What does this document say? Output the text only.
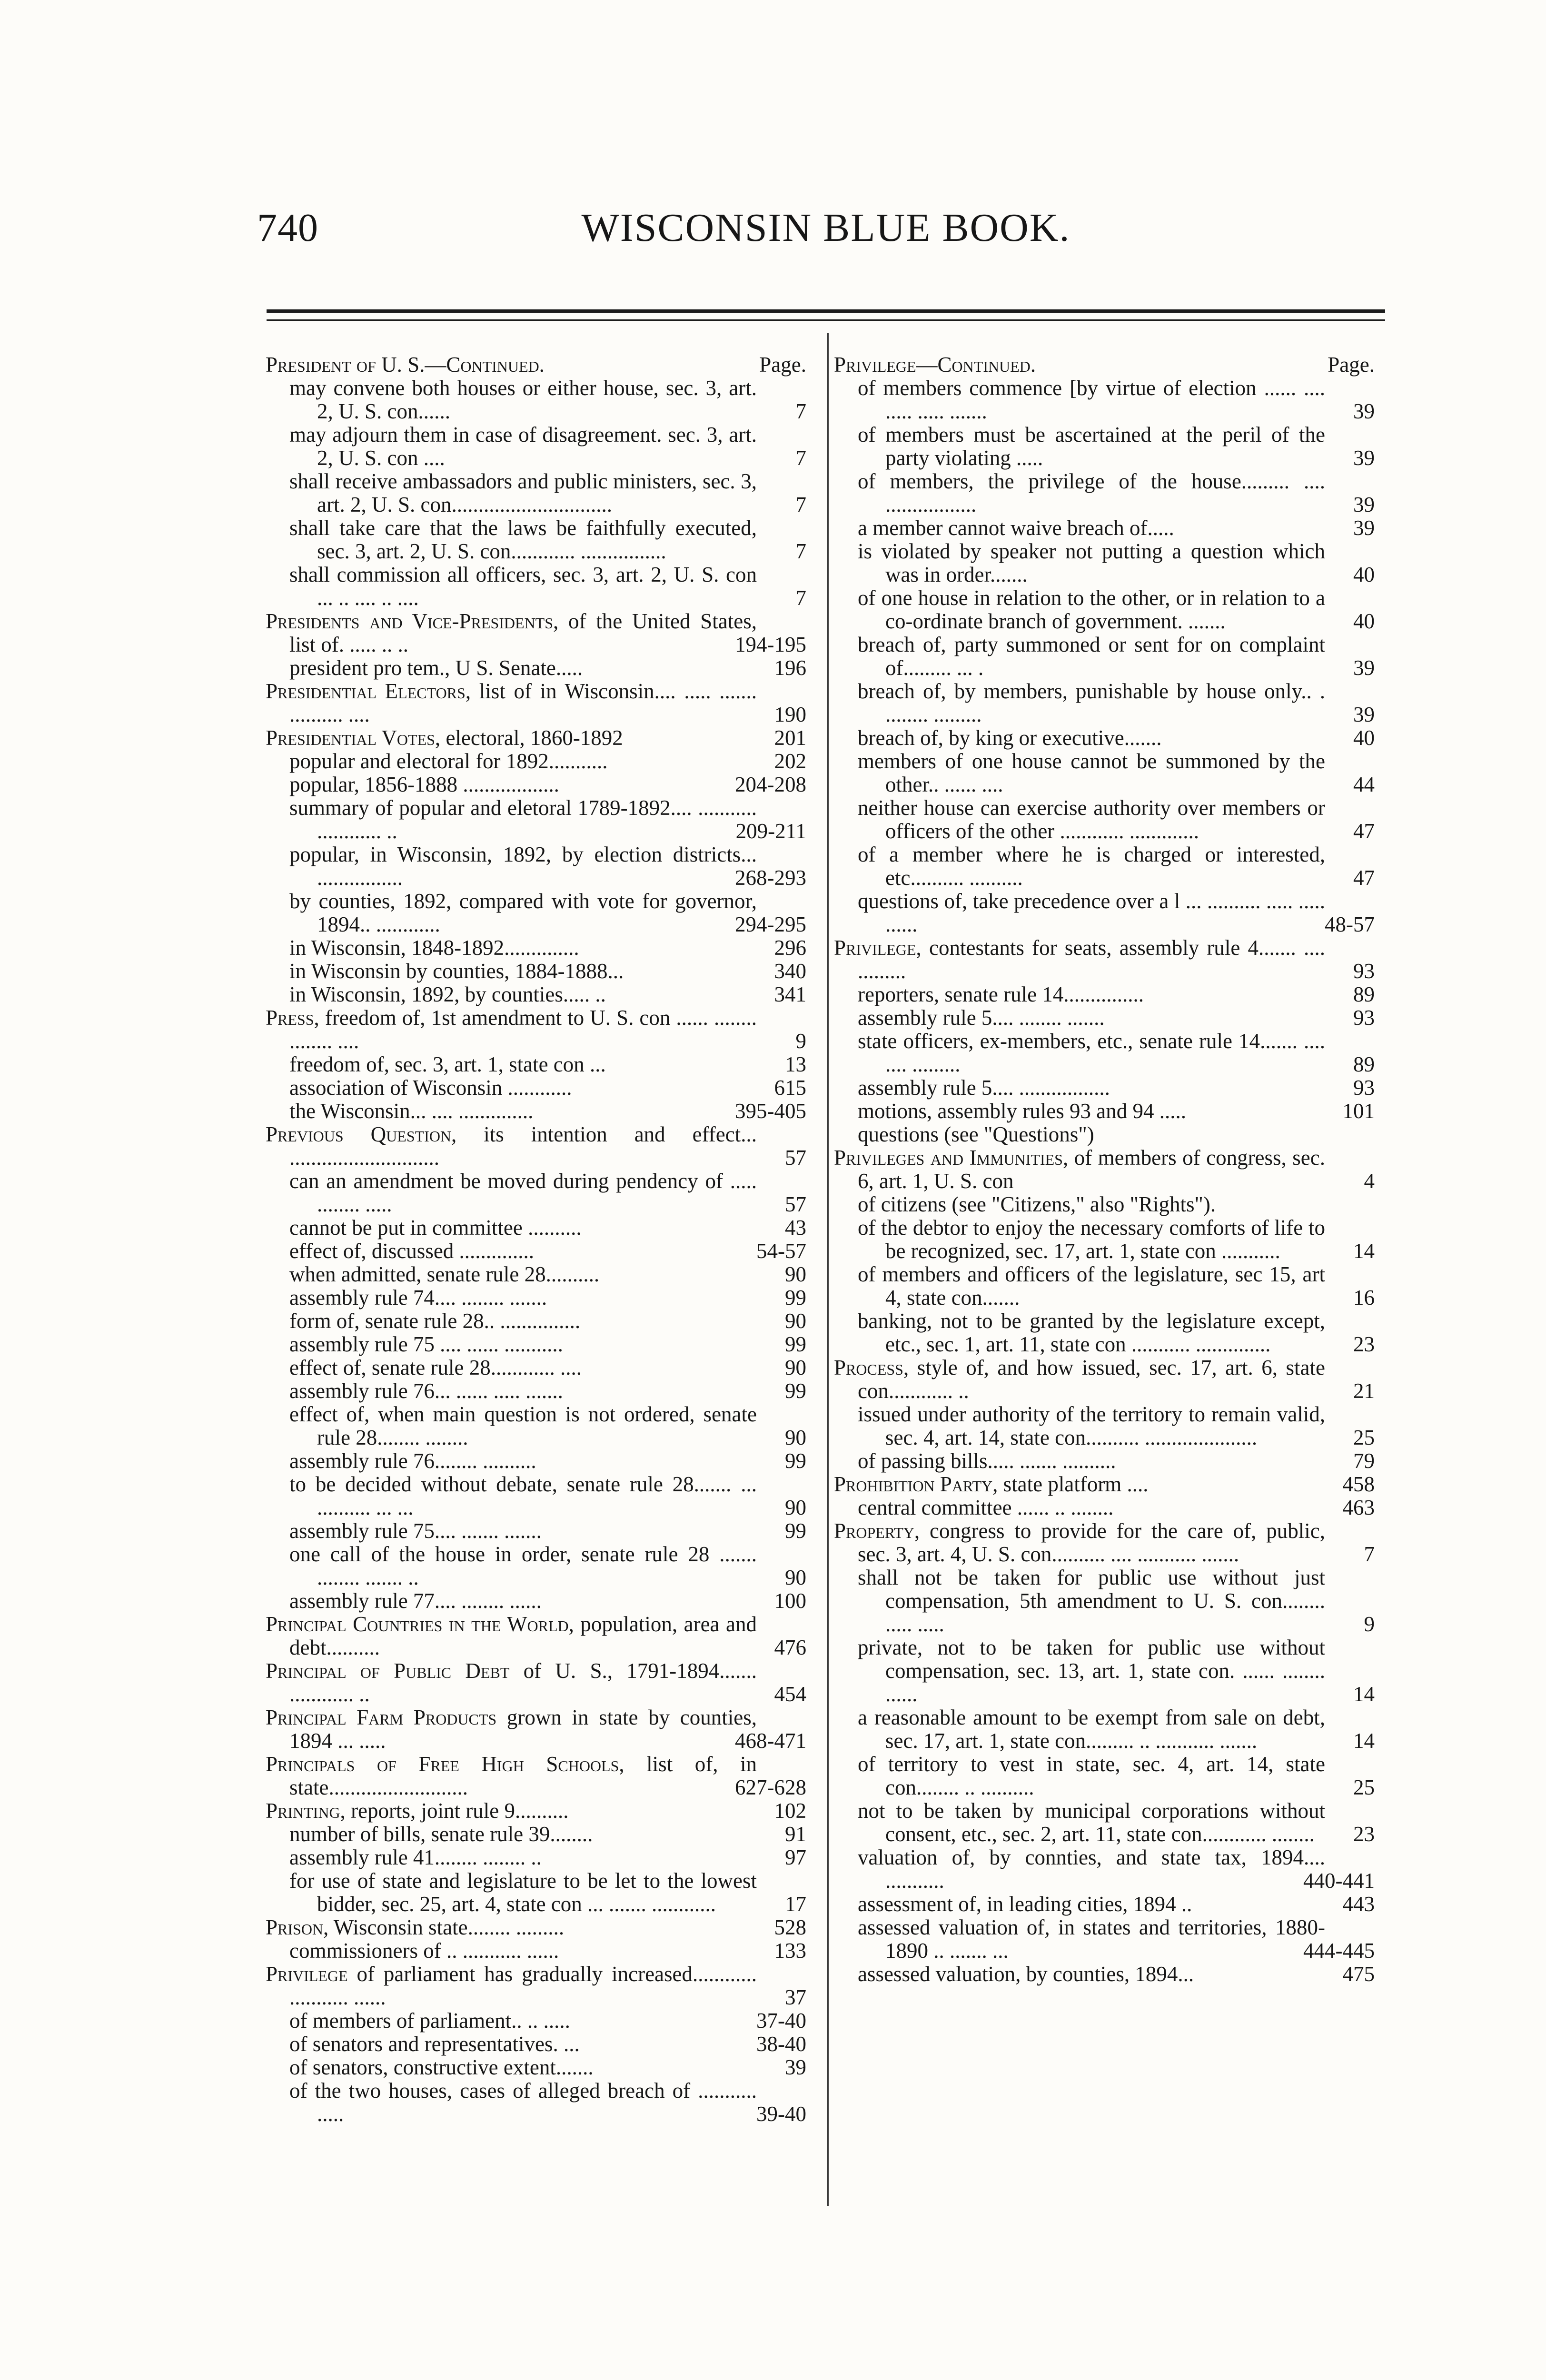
740	WISCONSIN BLUE BOOK.
President of U. S.—Continued.	Page.
may convene both houses or either house, sec. 3, art. 2, U. S. con......	7
may adjourn them in case of disagreement. sec. 3, art. 2, U. S. con ....	7
shall receive ambassadors and public ministers, sec. 3, art. 2, U. S. con..............................	7
shall take care that the laws be faithfully executed, sec. 3, art. 2, U. S. con............ ................	7
shall commission all officers, sec. 3, art. 2, U. S. con ... .. .... .. ....	7
Presidents and Vice-Presidents, of the United States, list of. ..... .. ..	194-195
president pro tem., U S. Senate.....	196
Presidential Electors, list of in Wisconsin.... ..... ....... .......... ....	190
Presidential Votes, electoral, 1860-1892	201
popular and electoral for 1892...........	202
popular, 1856-1888 ..................	204-208
summary of popular and eletoral 1789-1892.... ........... ............ ..	209-211
popular, in Wisconsin, 1892, by election districts... ................	268-293
by counties, 1892, compared with vote for governor, 1894.. ............	294-295
in Wisconsin, 1848-1892..............	296
in Wisconsin by counties, 1884-1888...	340
in Wisconsin, 1892, by counties..... ..	341
Press, freedom of, 1st amendment to U. S. con ...... ........ ........ ....	9
freedom of, sec. 3, art. 1, state con ...	13
association of Wisconsin ............	615
the Wisconsin... .... ..............	395-405
Previous Question, its intention and effect... ............................	57
can an amendment be moved during pendency of ..... ........ .....	57
cannot be put in committee ..........	43
effect of, discussed ..............	54-57
when admitted, senate rule 28..........	90
assembly rule 74.... ........ .......	99
form of, senate rule 28.. ...............	90
assembly rule 75 .... ...... ...........	99
effect of, senate rule 28............ ....	90
assembly rule 76... ...... ..... .......	99
effect of, when main question is not ordered, senate rule 28........ ........	90
assembly rule 76........ ..........	99
to be decided without debate, senate rule 28....... ... .......... ... ...	90
assembly rule 75.... ....... .......	99
one call of the house in order, senate rule 28 ....... ........ ....... ..	90
assembly rule 77.... ........ ......	100
Principal Countries in the World, population, area and debt..........	476
Principal of Public Debt of U. S., 1791-1894....... ............ ..	454
Principal Farm Products grown in state by counties, 1894 ... .....	468-471
Principals of Free High Schools, list of, in state..........................	627-628
Printing, reports, joint rule 9..........	102
number of bills, senate rule 39........	91
assembly rule 41........ ........ ..	97
for use of state and legislature to be let to the lowest bidder, sec. 25, art. 4, state con ... ....... ............	17
Prison, Wisconsin state........ .........	528
commissioners of .. ........... ......	133
Privilege of parliament has gradually increased............ ........... ......	37
of members of parliament.. .. .....	37-40
of senators and representatives. ...	38-40
of senators, constructive extent.......	39
of the two houses, cases of alleged breach of ........... .....	39-40
Privilege—Continued.	Page.
of members commence [by virtue of election ...... .... ..... ..... .......	39
of members must be ascertained at the peril of the party violating .....	39
of members, the privilege of the house......... .... .................	39
a member cannot waive breach of.....	39
is violated by speaker not putting a question which was in order.......	40
of one house in relation to the other, or in relation to a co-ordinate branch of government. .......	40
breach of, party summoned or sent for on complaint of......... ... .	39
breach of, by members, punishable by house only.. . ........ .........	39
breach of, by king or executive.......	40
members of one house cannot be summoned by the other.. ...... ....	44
neither house can exercise authority over members or officers of the other ............ .............	47
of a member where he is charged or interested, etc.......... ..........	47
questions of, take precedence over a l ... .......... ..... ..... ......	48-57
Privilege, contestants for seats, assembly rule 4....... .... .........	93
reporters, senate rule 14...............	89
assembly rule 5.... ........ .......	93
state officers, ex-members, etc., senate rule 14....... .... .... .........	89
assembly rule 5.... .................	93
motions, assembly rules 93 and 94 .....	101
questions (see "Questions")
Privileges and Immunities, of members of congress, sec. 6, art. 1, U. S. con	4
of citizens (see "Citizens," also "Rights").
of the debtor to enjoy the necessary comforts of life to be recognized, sec. 17, art. 1, state con ...........	14
of members and officers of the legislature, sec 15, art 4, state con.......	16
banking, not to be granted by the legislature except, etc., sec. 1, art. 11, state con ........... ..............	23
Process, style of, and how issued, sec. 17, art. 6, state con............ ..	21
issued under authority of the territory to remain valid, sec. 4, art. 14, state con.......... .....................	25
of passing bills..... ....... ..........	79
Prohibition Party, state platform ....	458
central committee ...... .. ........	463
Property, congress to provide for the care of, public, sec. 3, art. 4, U. S. con.......... .... ........... .......	7
shall not be taken for public use without just compensation, 5th amendment to U. S. con........ ..... .....	9
private, not to be taken for public use without compensation, sec. 13, art. 1, state con. ...... ........ ......	14
a reasonable amount to be exempt from sale on debt, sec. 17, art. 1, state con......... .. ........... .......	14
of territory to vest in state, sec. 4, art. 14, state con........ .. ..........	25
not to be taken by municipal corporations without consent, etc., sec. 2, art. 11, state con............ ........ 23
valuation of, by connties, and state tax, 1894.... ...........	440-441
assessment of, in leading cities, 1894 ..	443
assessed valuation of, in states and territories, 1880-1890 .. ....... ...	444-445
assessed valuation, by counties, 1894...	475
